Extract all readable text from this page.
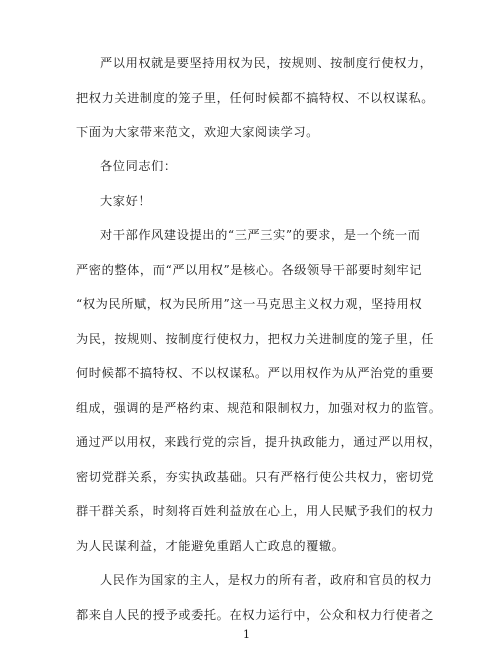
严以用权就是要坚持用权为民，按规则、按制度行使权力，
把权力关进制度的笼子里，任何时候都不搞特权、不以权谋私。
下面为大家带来范文，欢迎大家阅读学习。
各位同志们：
大家好！
对干部作风建设提出的“三严三实”的要求，是一个统一而
严密的整体，而“严以用权”是核心。各级领导干部要时刻牢记
“权为民所赋，权为民所用”这一马克思主义权力观，坚持用权
为民，按规则、按制度行使权力，把权力关进制度的笼子里，任
何时候都不搞特权、不以权谋私。严以用权作为从严治党的重要
组成，强调的是严格约束、规范和限制权力，加强对权力的监管。
通过严以用权，来践行党的宗旨，提升执政能力，通过严以用权，
密切党群关系，夯实执政基础。只有严格行使公共权力，密切党
群干群关系，时刻将百姓利益放在心上，用人民赋予我们的权力
为人民谋利益，才能避免重蹈人亡政息的覆辙。
人民作为国家的主人，是权力的所有者，政府和官员的权力
都来自人民的授予或委托。在权力运行中，公众和权力行使者之
1
